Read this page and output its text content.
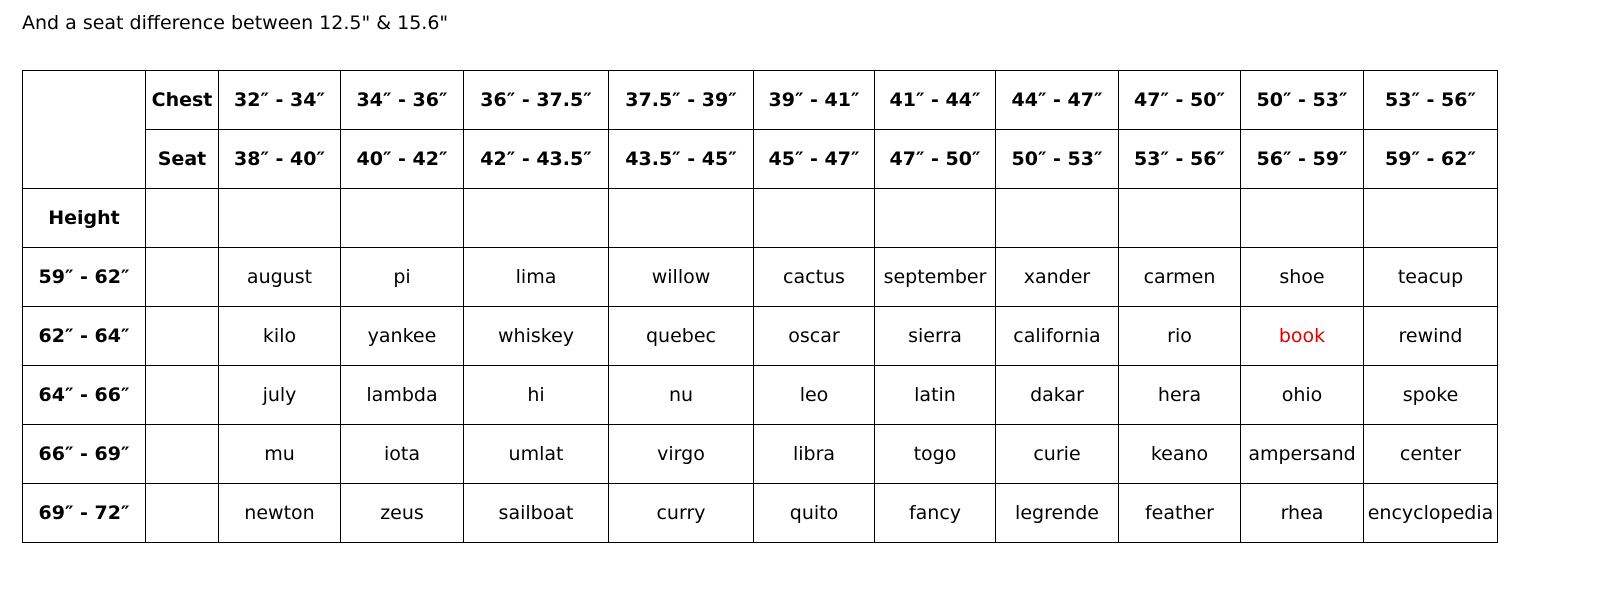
And a seat difference between 12.5" & 15.6"
	Chest	32″ - 34″	34″ - 36″	36″ - 37.5″	37.5″ - 39″	39″ - 41″	41″ - 44″	44″ - 47″	47″ - 50″	50″ - 53″	53″ - 56″
	Seat	38″ - 40″	40″ - 42″	42″ - 43.5″	43.5″ - 45″	45″ - 47″	47″ - 50″	50″ - 53″	53″ - 56″	56″ - 59″	59″ - 62″
Height											
59″ - 62″		august	pi	lima	willow	cactus	september	xander	carmen	shoe	teacup
62″ - 64″		kilo	yankee	whiskey	quebec	oscar	sierra	california	rio	book	rewind
64″ - 66″		july	lambda	hi	nu	leo	latin	dakar	hera	ohio	spoke
66″ - 69″		mu	iota	umlat	virgo	libra	togo	curie	keano	ampersand	center
69″ - 72″		newton	zeus	sailboat	curry	quito	fancy	legrende	feather	rhea	encyclopedia
